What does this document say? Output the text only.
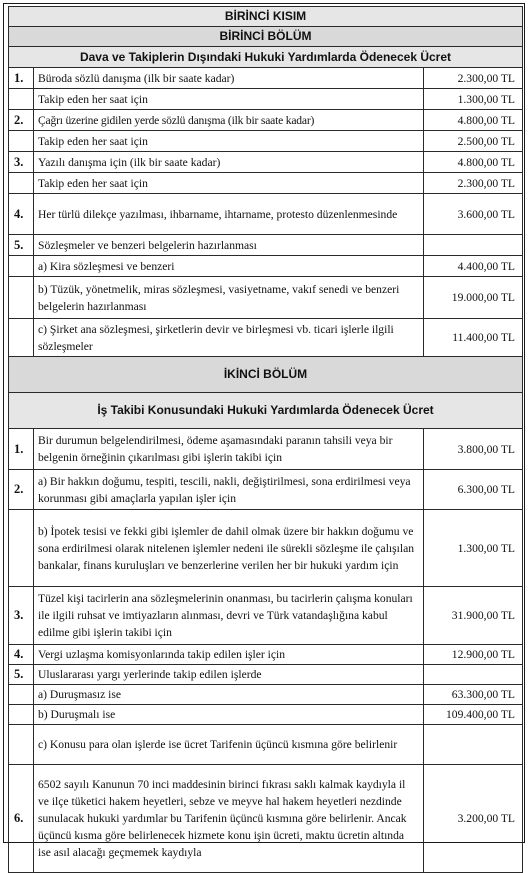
BİRİNCİ KISIM		
BİRİNCİ BÖLÜM		
Dava ve Takiplerin Dışındaki Hukuki Yardımlarda Ödenecek Ücret		
1.	Büroda sözlü danışma (ilk bir saate kadar)	2.300,00 TL
	Takip eden her saat için	1.300,00 TL
2.	Çağrı üzerine gidilen yerde sözlü danışma (ilk bir saate kadar)	4.800,00 TL
	Takip eden her saat için	2.500,00 TL
3.	Yazılı danışma için (ilk bir saate kadar)	4.800,00 TL
	Takip eden her saat için	2.300,00 TL
4.	Her türlü dilekçe yazılması, ihbarname, ihtarname, protesto düzenlenmesinde	3.600,00 TL
5.	Sözleşmeler ve benzeri belgelerin hazırlanması	
	a) Kira sözleşmesi ve benzeri	4.400,00 TL
	b) Tüzük, yönetmelik, miras sözleşmesi, vasiyetname, vakıf senedi ve benzeri belgelerin hazırlanması	19.000,00 TL
	c) Şirket ana sözleşmesi, şirketlerin devir ve birleşmesi vb. ticari işlerle ilgili sözleşmeler	11.400,00 TL
İKİNCİ BÖLÜM		
İş Takibi Konusundaki Hukuki Yardımlarda Ödenecek Ücret		
1.	Bir durumun belgelendirilmesi, ödeme aşamasındaki paranın tahsili veya bir belgenin örneğinin çıkarılması gibi işlerin takibi için	3.800,00 TL
2.	a) Bir hakkın doğumu, tespiti, tescili, nakli, değiştirilmesi, sona erdirilmesi veya korunması gibi amaçlarla yapılan işler için	6.300,00 TL
	b) İpotek tesisi ve fekki gibi işlemler de dahil olmak üzere bir hakkın doğumu ve sona erdirilmesi olarak nitelenen işlemler nedeni ile sürekli sözleşme ile çalışılan bankalar, finans kuruluşları ve benzerlerine verilen her bir hukuki yardım için	1.300,00 TL
3.	Tüzel kişi tacirlerin ana sözleşmelerinin onanması, bu tacirlerin çalışma konuları ile ilgili ruhsat ve imtiyazların alınması, devri ve Türk vatandaşlığına kabul edilme gibi işlerin takibi için	31.900,00 TL
4.	Vergi uzlaşma komisyonlarında takip edilen işler için	12.900,00 TL
5.	Uluslararası yargı yerlerinde takip edilen işlerde	
	a) Duruşmasız ise	63.300,00 TL
	b) Duruşmalı ise	109.400,00 TL
	c) Konusu para olan işlerde ise ücret Tarifenin üçüncü kısmına göre belirlenir	
6.	6502 sayılı Kanunun 70 inci maddesinin birinci fıkrası saklı kalmak kaydıyla il ve ilçe tüketici hakem heyetleri, sebze ve meyve hal hakem heyetleri nezdinde sunulacak hukuki yardımlar bu Tarifenin üçüncü kısmına göre belirlenir. Ancak üçüncü kısma göre belirlenecek hizmete konu işin ücreti, maktu ücretin altında ise asıl alacağı geçmemek kaydıyla	3.200,00 TL
